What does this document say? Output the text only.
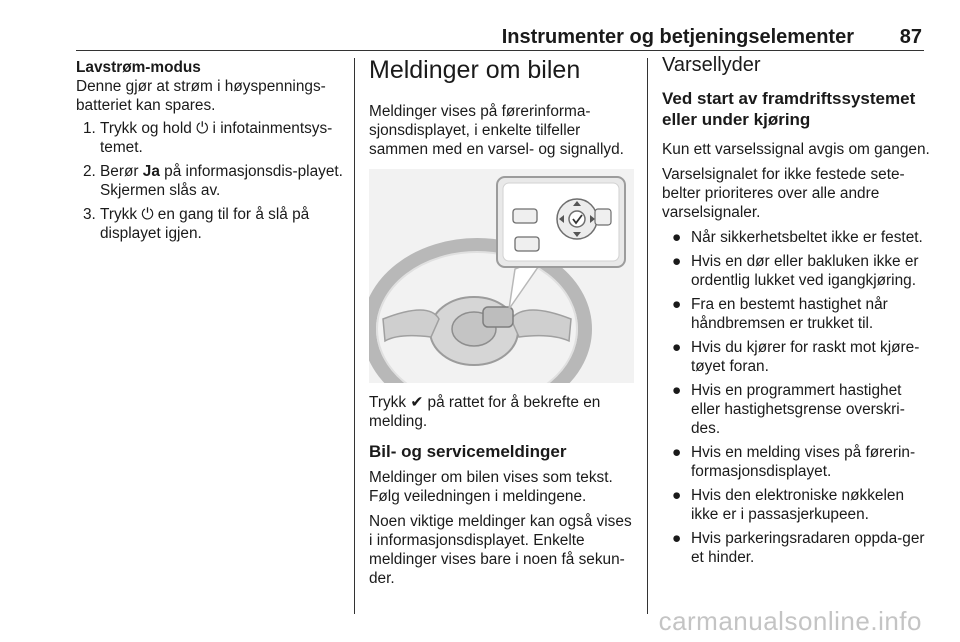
Instrumenter og betjeningselementer 87

Lavstrøm-modus

Denne gjør at strøm i høyspennings-batteriet kan spares.

1. Trykk og hold ⏻ i infotainmentsys-temet.
2. Berør Ja på informasjonsdis-playet. Skjermen slås av.
3. Trykk ⏻ en gang til for å slå på displayet igjen.

Meldinger om bilen

Meldinger vises på førerinforma-sjonsdisplayet, i enkelte tilfeller sammen med en varsel- og signallyd.

Trykk ✔ på rattet for å bekrefte en melding.

Bil- og servicemeldinger

Meldinger om bilen vises som tekst. Følg veiledningen i meldingene.

Noen viktige meldinger kan også vises i informasjonsdisplayet. Enkelte meldinger vises bare i noen få sekun-der.

Varsellyder

Ved start av framdriftssystemet eller under kjøring

Kun ett varselssignal avgis om gangen.

Varselsignalet for ikke festede sete-belter prioriteres over alle andre varselsignaler.

● Når sikkerhetsbeltet ikke er festet.
● Hvis en dør eller bakluken ikke er ordentlig lukket ved igangkjøring.
● Fra en bestemt hastighet når håndbremsen er trukket til.
● Hvis du kjører for raskt mot kjøre-tøyet foran.
● Hvis en programmert hastighet eller hastighetsgrense overskri-des.
● Hvis en melding vises på førerin-formasjonsdisplayet.
● Hvis den elektroniske nøkkelen ikke er i passasjerkupeen.
● Hvis parkeringsradaren oppda-ger et hinder.
carmanualsonline.info
